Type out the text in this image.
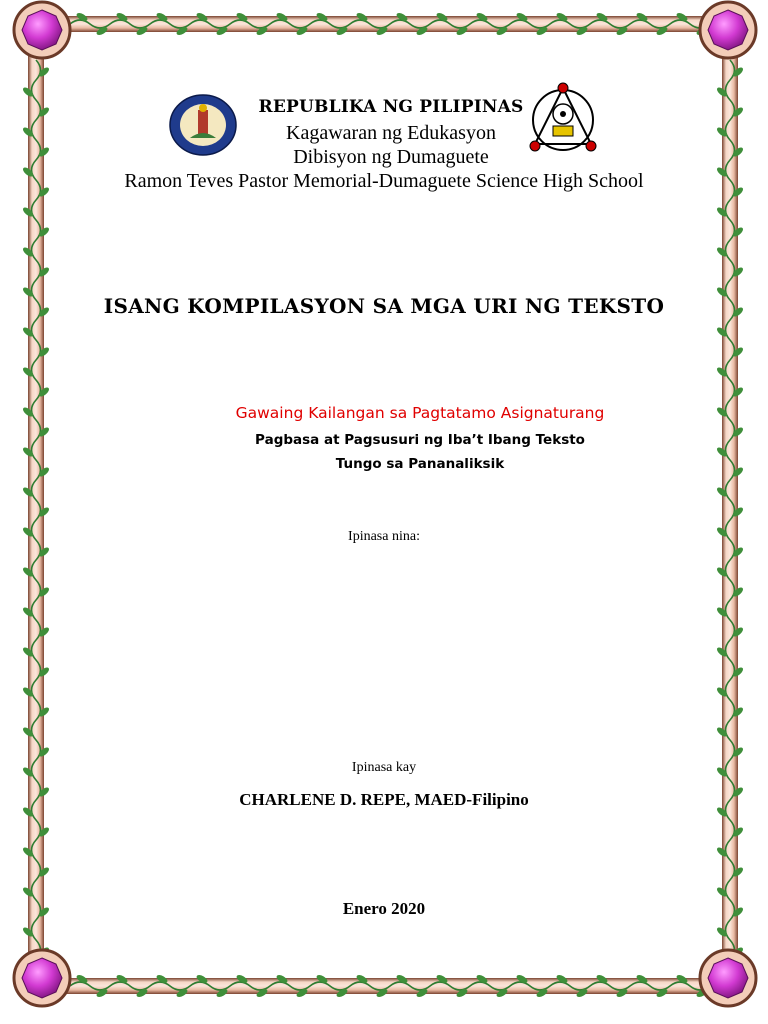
REPUBLIKA NG PILIPINAS
Kagawaran ng Edukasyon
Dibisyon ng Dumaguete
Ramon Teves Pastor Memorial-Dumaguete Science High School
ISANG KOMPILASYON SA MGA URI NG TEKSTO
Gawaing Kailangan sa Pagtatamo Asignaturang
Pagbasa at Pagsusuri ng Iba’t Ibang Teksto
Tungo sa Pananaliksik
Ipinasa nina:
Ipinasa kay
CHARLENE D. REPE, MAED-Filipino
Enero 2020
